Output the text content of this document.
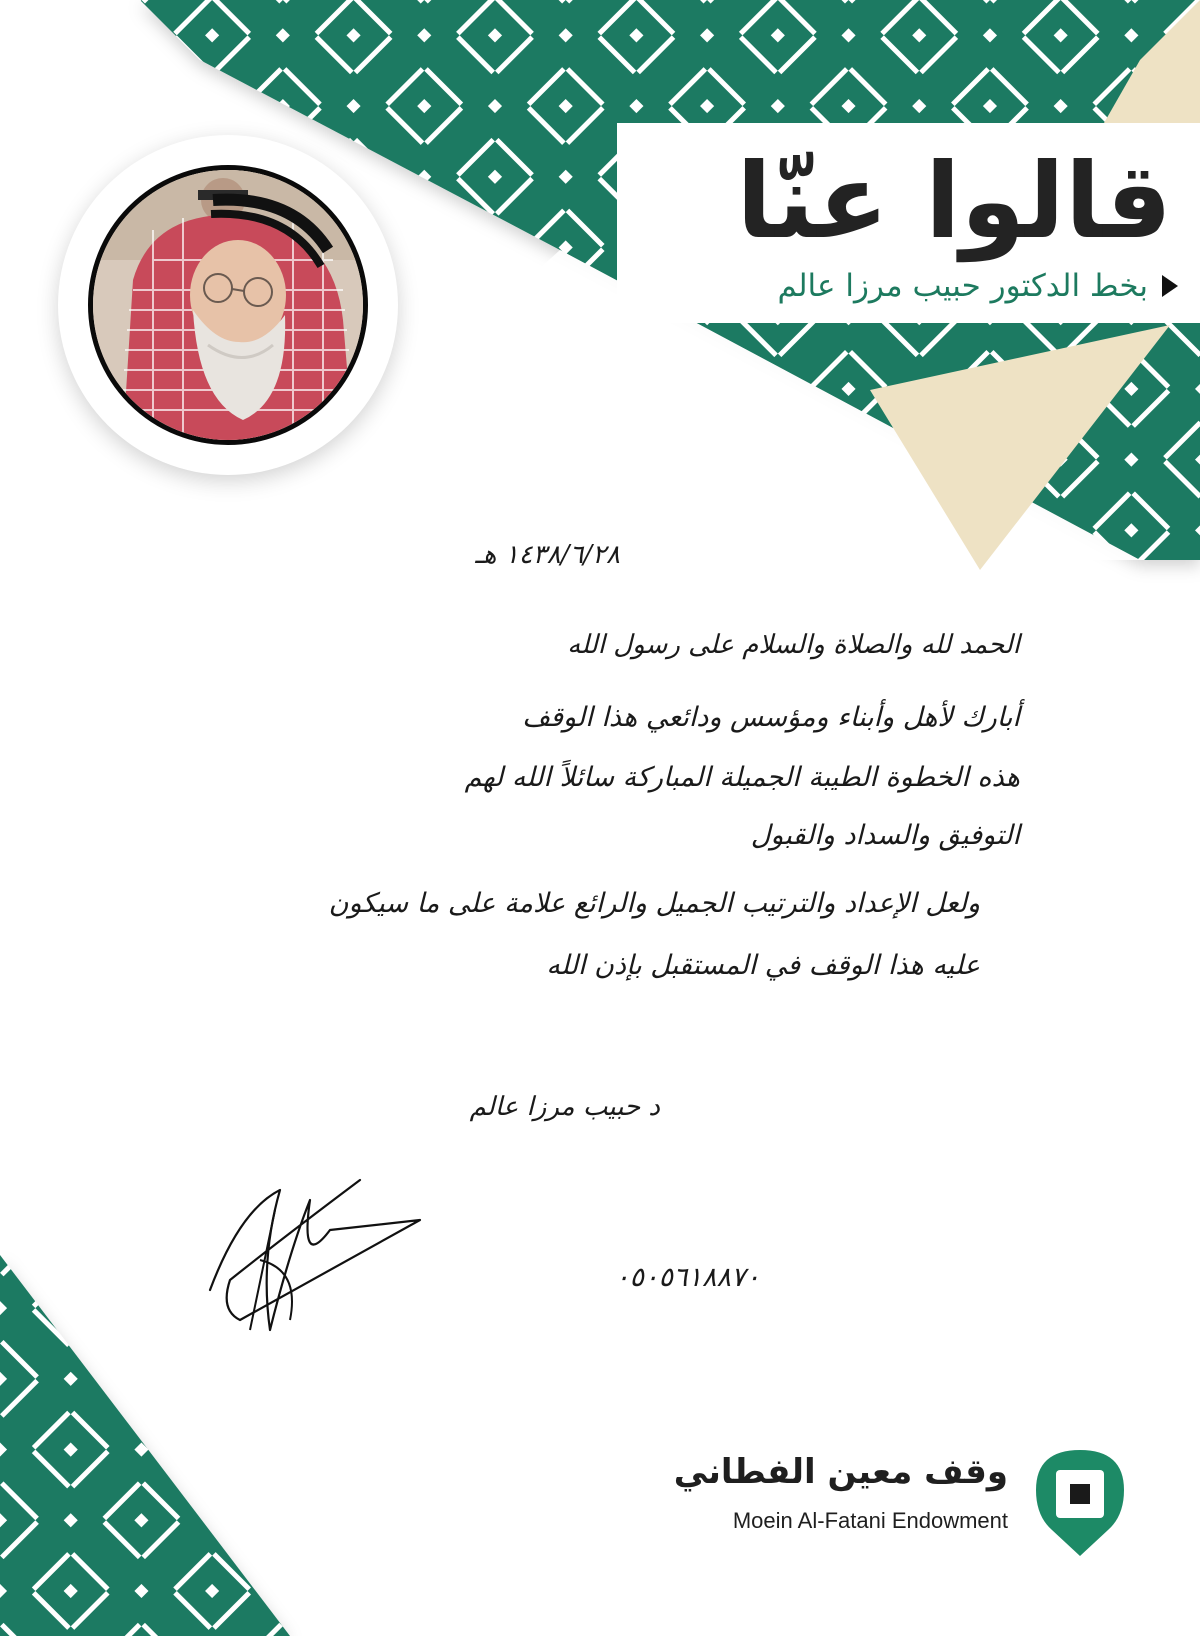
قالوا عنّا
بخط الدكتور حبيب مرزا عالم
١٤٣٨/٦/٢٨ هـ
الحمد لله والصلاة والسلام على رسول الله
أبارك لأهل وأبناء ومؤسس ودائعي هذا الوقف
هذه الخطوة الطيبة الجميلة المباركة سائلاً الله لهم
التوفيق والسداد والقبول
ولعل الإعداد والترتيب الجميل والرائع علامة على ما سيكون
عليه هذا الوقف في المستقبل بإذن الله
د حبيب مرزا عالم
٠٥٠٥٦١٨٨٧٠
وقف معين الفطاني
Moein Al-Fatani Endowment
